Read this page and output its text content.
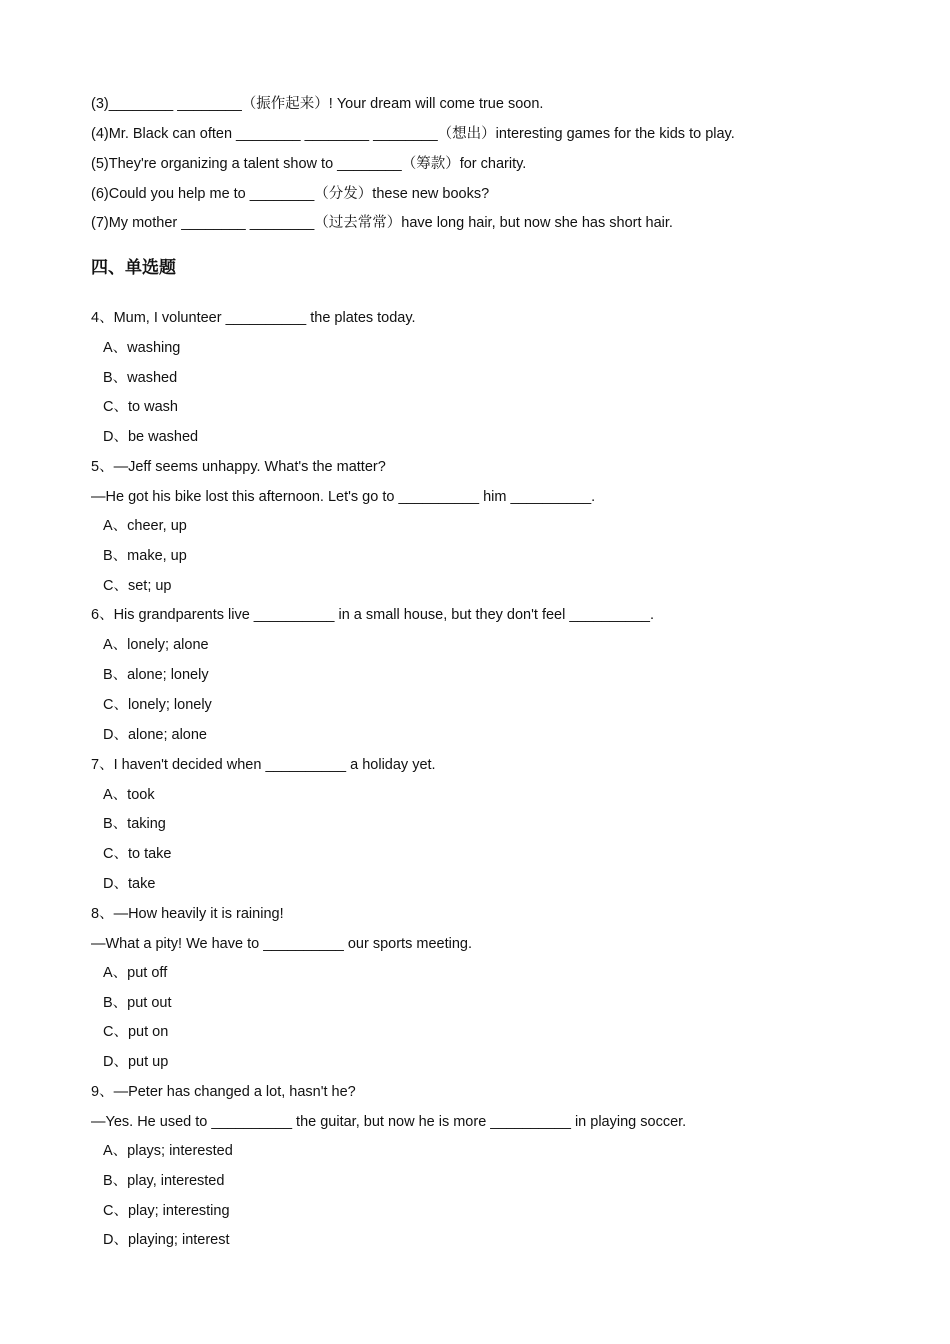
(3)________ ________（振作起来）! Your dream will come true soon.
(4)Mr. Black can often ________ ________ ________（想出）interesting games for the kids to play.
(5)They're organizing a talent show to ________（筹款）for charity.
(6)Could you help me to ________（分发）these new books?
(7)My mother ________ ________（过去常常）have long hair, but now she has short hair.
四、单选题
4、Mum, I volunteer __________ the plates today.
A、washing
B、washed
C、to wash
D、be washed
5、—Jeff seems unhappy. What's the matter?
—He got his bike lost this afternoon. Let's go to __________ him __________.
A、cheer, up
B、make, up
C、set; up
6、His grandparents live __________ in a small house, but they don't feel __________.
A、lonely; alone
B、alone; lonely
C、lonely; lonely
D、alone; alone
7、I haven't decided when __________ a holiday yet.
A、took
B、taking
C、to take
D、take
8、—How heavily it is raining!
—What a pity! We have to __________ our sports meeting.
A、put off
B、put out
C、put on
D、put up
9、—Peter has changed a lot, hasn't he?
—Yes. He used to __________ the guitar, but now he is more __________ in playing soccer.
A、plays; interested
B、play, interested
C、play; interesting
D、playing; interest
